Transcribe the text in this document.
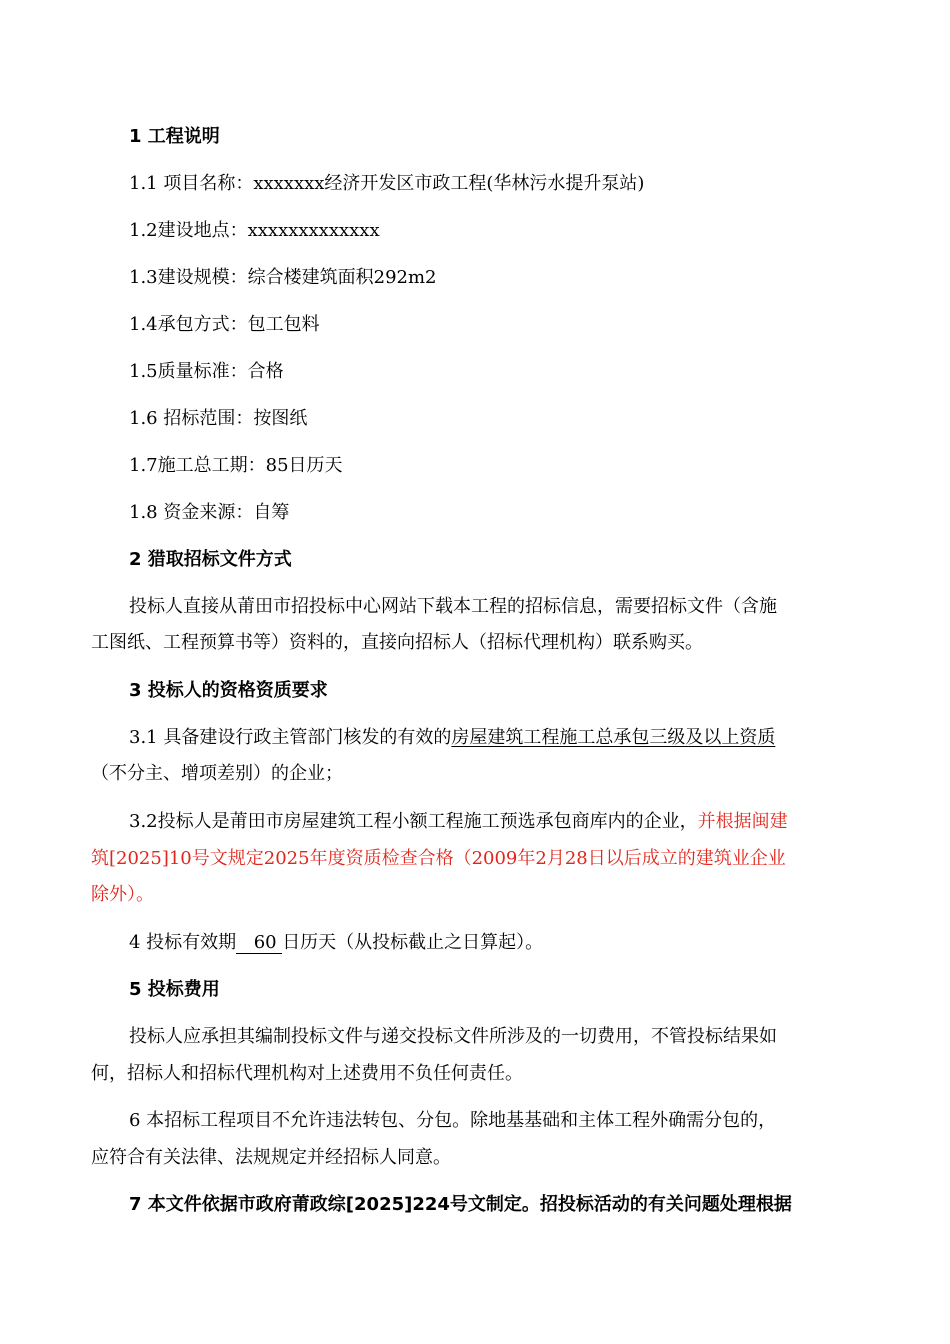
1 工程说明
1.1 项目名称：xxxxxxx经济开发区市政工程(华林污水提升泵站)
1.2建设地点：xxxxxxxxxxxxx
1.3建设规模：综合楼建筑面积292m2
1.4承包方式：包工包料
1.5质量标准：合格
1.6 招标范围：按图纸
1.7施工总工期：85日历天
1.8 资金来源：自筹
2 猎取招标文件方式
投标人直接从莆田市招投标中心网站下载本工程的招标信息，需要招标文件（含施
工图纸、工程预算书等）资料的，直接向招标人（招标代理机构）联系购买。
3 投标人的资格资质要求
3.1 具备建设行政主管部门核发的有效的房屋建筑工程施工总承包三级及以上资质
（不分主、增项差别）的企业；
3.2投标人是莆田市房屋建筑工程小额工程施工预选承包商库内的企业，并根据闽建
筑[2025]10号文规定2025年度资质检查合格（2009年2月28日以后成立的建筑业企业
除外）。
4 投标有效期 60 日历天（从投标截止之日算起）。
5 投标费用
投标人应承担其编制投标文件与递交投标文件所涉及的一切费用，不管投标结果如
何，招标人和招标代理机构对上述费用不负任何责任。
6 本招标工程项目不允许违法转包、分包。除地基基础和主体工程外确需分包的，
应符合有关法律、法规规定并经招标人同意。
7 本文件依据市政府莆政综[2025]224号文制定。招投标活动的有关问题处理根据
